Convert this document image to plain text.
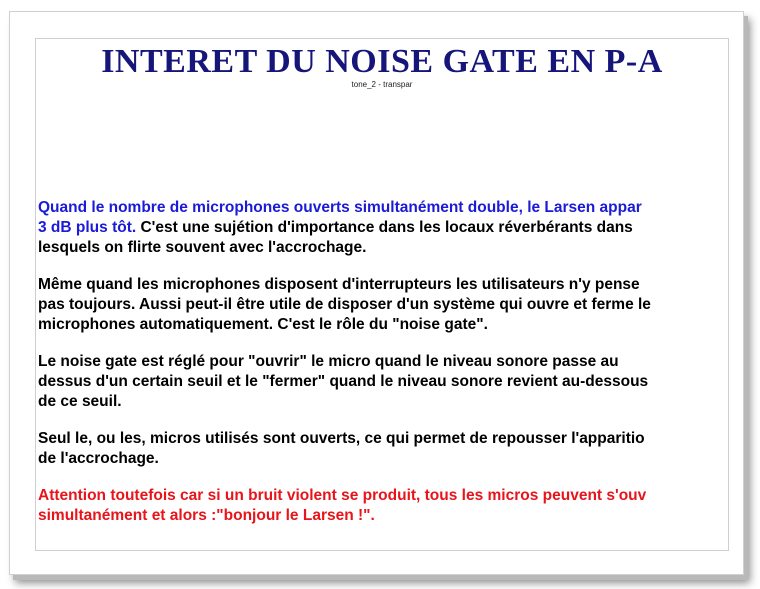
INTERET DU NOISE GATE EN P-A
tone_2 - transpar

Quand le nombre de microphones ouverts simultanément double, le Larsen appar
3 dB plus tôt. C'est une sujétion d'importance dans les locaux réverbérants dans
lesquels on flirte souvent avec l'accrochage.

Même quand les microphones disposent d'interrupteurs les utilisateurs n'y pense
pas toujours. Aussi peut-il être utile de disposer d'un système qui ouvre et ferme le
microphones automatiquement. C'est le rôle du "noise gate".

Le noise gate est réglé pour "ouvrir" le micro quand le niveau sonore passe au
dessus d'un certain seuil et le "fermer" quand le niveau sonore revient au-dessous
de ce seuil.

Seul le, ou les, micros utilisés sont ouverts, ce qui permet de repousser l'apparitio
de l'accrochage.

Attention toutefois car si un bruit violent se produit, tous les micros peuvent s'ouv
simultanément et alors :"bonjour le Larsen !".
